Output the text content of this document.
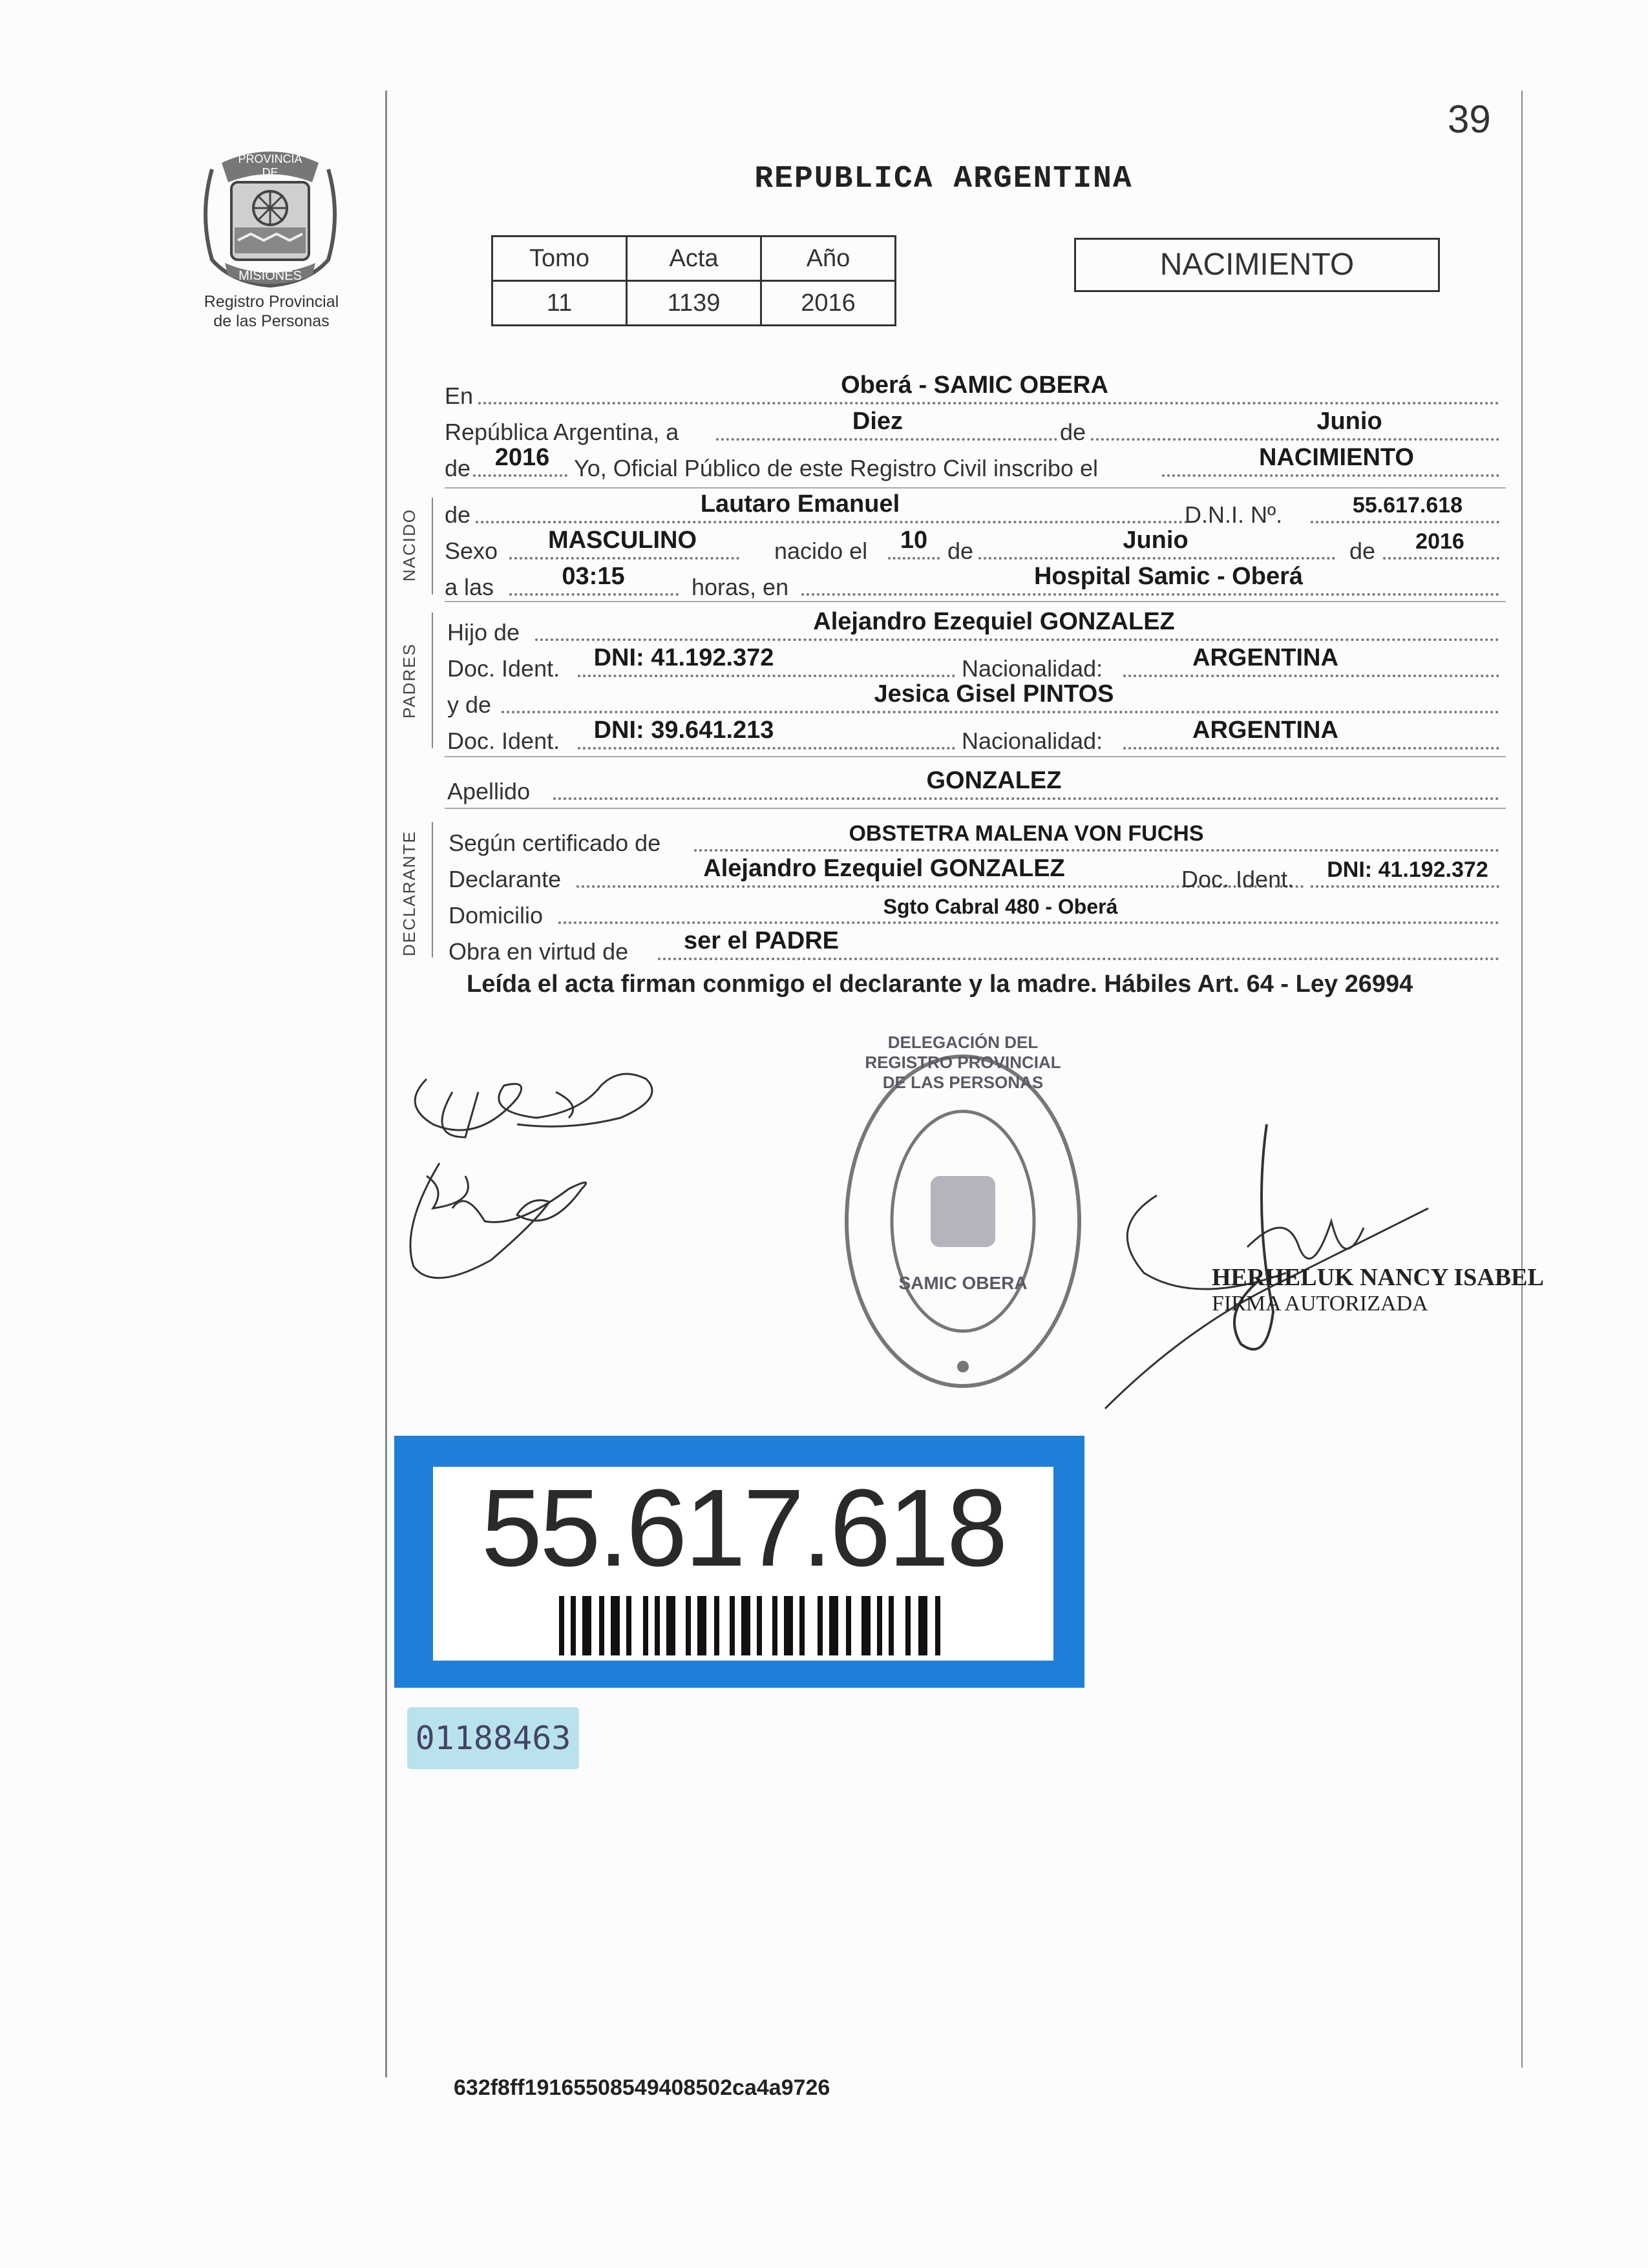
PROVINCIA DE
MISIONES
Registro Provincial
de las Personas
39
REPUBLICA ARGENTINA
Tomo	Acta	Año
11	1139	2016
NACIMIENTO
En	Oberá - SAMIC OBERA
República Argentina, a	Diez	de	Junio
de 2016	Yo, Oficial Público de este Registro Civil inscribo el	NACIMIENTO
NACIDO de	Lautaro Emanuel	D.N.I. Nº.	55.617.618
Sexo	MASCULINO	nacido el	10 de	Junio	de	2016
a las	03:15	horas, en	Hospital Samic - Oberá
PADRES
Hijo de	Alejandro Ezequiel GONZALEZ
Doc. Ident.	DNI: 41.192.372	Nacionalidad:	ARGENTINA
y de	Jesica Gisel PINTOS
Doc. Ident.	DNI: 39.641.213	Nacionalidad:	ARGENTINA
Apellido	GONZALEZ
DECLARANTE Según certificado de	OBSTETRA MALENA VON FUCHS
Declarante	Alejandro Ezequiel GONZALEZ	Doc. Ident.	DNI: 41.192.372
Domicilio	Sgto Cabral 480 - Oberá
Obra en virtud de	ser el PADRE
Leída el acta firman conmigo el declarante y la madre. Hábiles Art. 64 - Ley 26994
DELEGACIÓN DEL REGISTRO PROVINCIAL DE LAS PERSONAS
SAMIC OBERA	HERHELUK NANCY ISABEL
FIRMA AUTORIZADA
55.617.618
01188463
632f8ff19165508549408502ca4a9726
